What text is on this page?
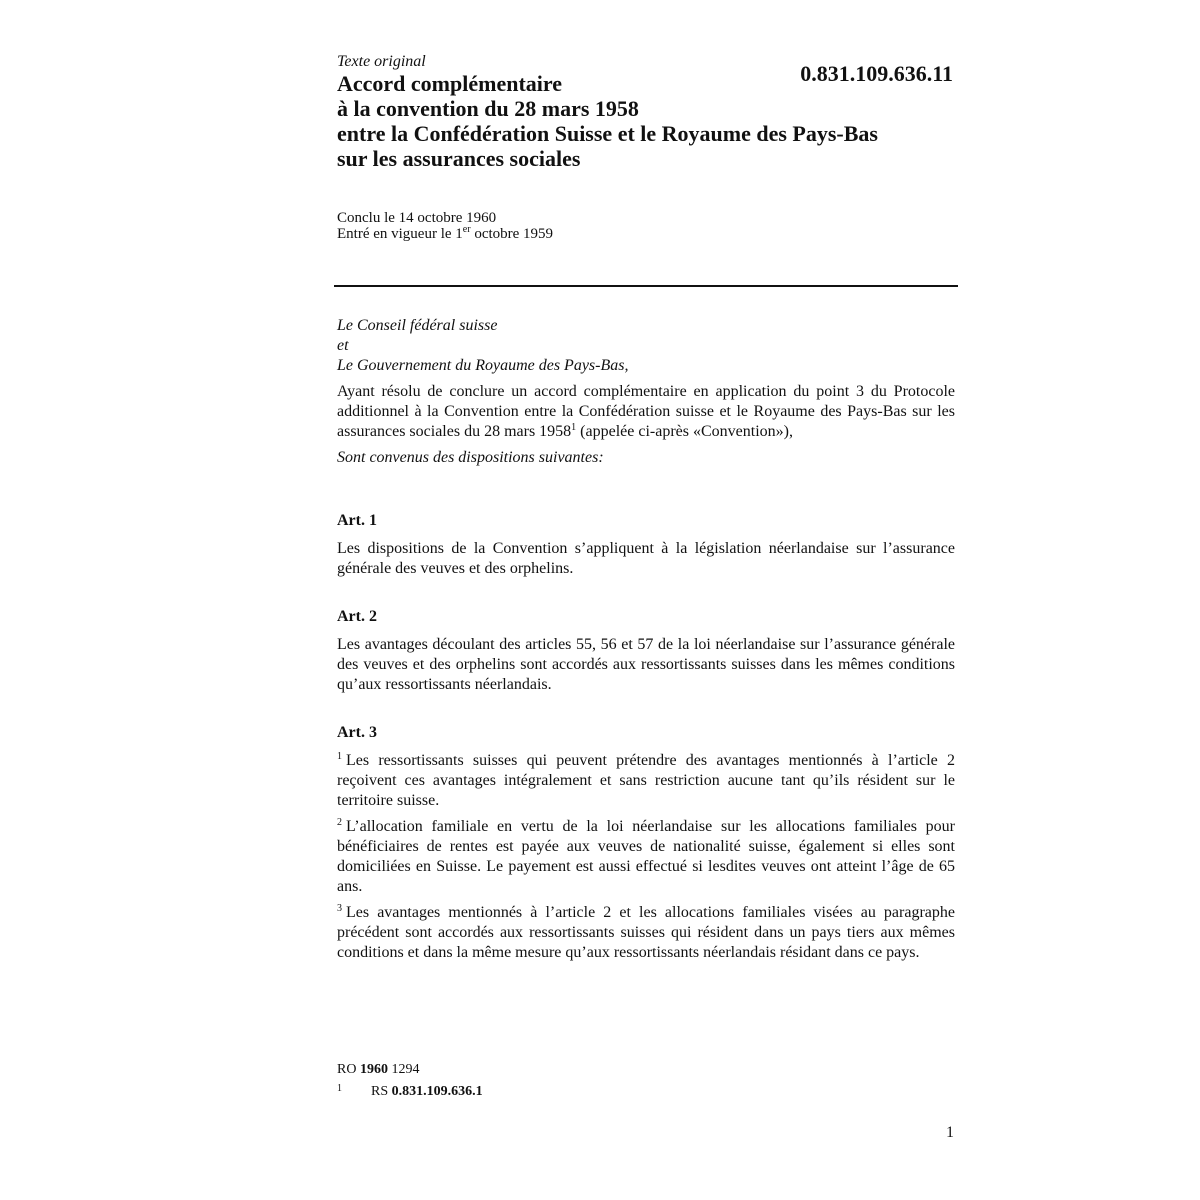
Texte original	0.831.109.636.11
Accord complémentaire
à la convention du 28 mars 1958
entre la Confédération Suisse et le Royaume des Pays-Bas
sur les assurances sociales
Conclu le 14 octobre 1960
Entré en vigueur le 1er octobre 1959
Le Conseil fédéral suisse
et
Le Gouvernement du Royaume des Pays-Bas,

Ayant résolu de conclure un accord complémentaire en application du point 3 du Protocole additionnel à la Convention entre la Confédération suisse et le Royaume des Pays-Bas sur les assurances sociales du 28 mars 1958$^1$ (appelée ci-après «Convention»),

Sont convenus des dispositions suivantes:

Art. 1

Les dispositions de la Convention s’appliquent à la législation néerlandaise sur l’assurance générale des veuves et des orphelins.

Art. 2

Les avantages découlant des articles 55, 56 et 57 de la loi néerlandaise sur l’assurance générale des veuves et des orphelins sont accordés aux ressortissants suisses dans les mêmes conditions qu’aux ressortissants néerlandais.

Art. 3

$^1$ Les ressortissants suisses qui peuvent prétendre des avantages mentionnés à l’article 2 reçoivent ces avantages intégralement et sans restriction aucune tant qu’ils résident sur le territoire suisse.

$^2$ L’allocation familiale en vertu de la loi néerlandaise sur les allocations familiales pour bénéficiaires de rentes est payée aux veuves de nationalité suisse, également si elles sont domiciliées en Suisse. Le payement est aussi effectué si lesdites veuves ont atteint l’âge de 65 ans.

$^3$ Les avantages mentionnés à l’article 2 et les allocations familiales visées au paragraphe précédent sont accordés aux ressortissants suisses qui résident dans un pays tiers aux mêmes conditions et dans la même mesure qu’aux ressortissants néerlandais résidant dans ce pays.

RO 1960 1294
1 RS 0.831.109.636.1
1
